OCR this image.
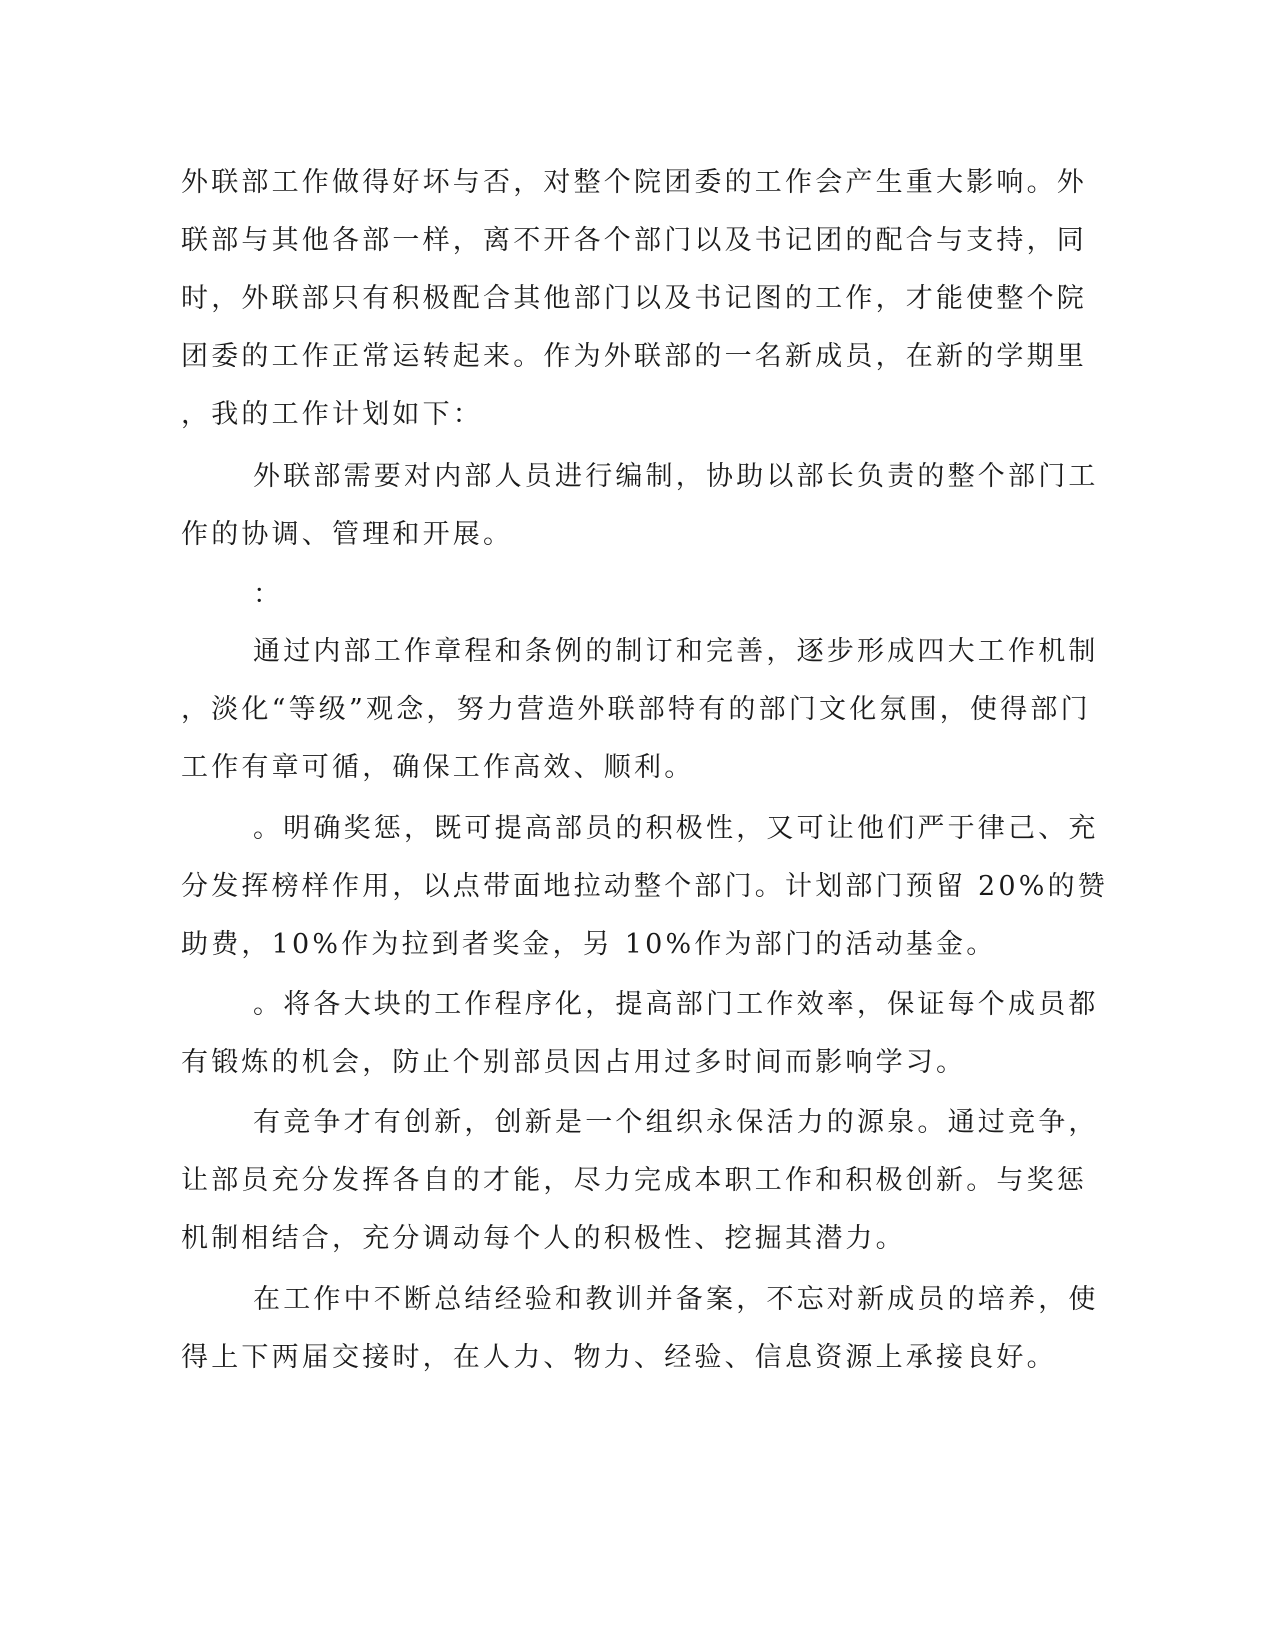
外联部工作做得好坏与否，对整个院团委的工作会产生重大影响。外

联部与其他各部一样，离不开各个部门以及书记团的配合与支持，同

时，外联部只有积极配合其他部门以及书记图的工作，才能使整个院

团委的工作正常运转起来。作为外联部的一名新成员，在新的学期里

，我的工作计划如下：

外联部需要对内部人员进行编制，协助以部长负责的整个部门工

作的协调、管理和开展。

：

通过内部工作章程和条例的制订和完善，逐步形成四大工作机制

，淡化“等级”观念，努力营造外联部特有的部门文化氛围，使得部门

工作有章可循，确保工作高效、顺利。

。明确奖惩，既可提高部员的积极性，又可让他们严于律己、充

分发挥榜样作用，以点带面地拉动整个部门。计划部门预留 20%的赞

助费，10%作为拉到者奖金，另 10%作为部门的活动基金。

。将各大块的工作程序化，提高部门工作效率，保证每个成员都

有锻炼的机会，防止个别部员因占用过多时间而影响学习。

有竞争才有创新，创新是一个组织永保活力的源泉。通过竞争，

让部员充分发挥各自的才能，尽力完成本职工作和积极创新。与奖惩

机制相结合，充分调动每个人的积极性、挖掘其潜力。

在工作中不断总结经验和教训并备案，不忘对新成员的培养，使

得上下两届交接时，在人力、物力、经验、信息资源上承接良好。
